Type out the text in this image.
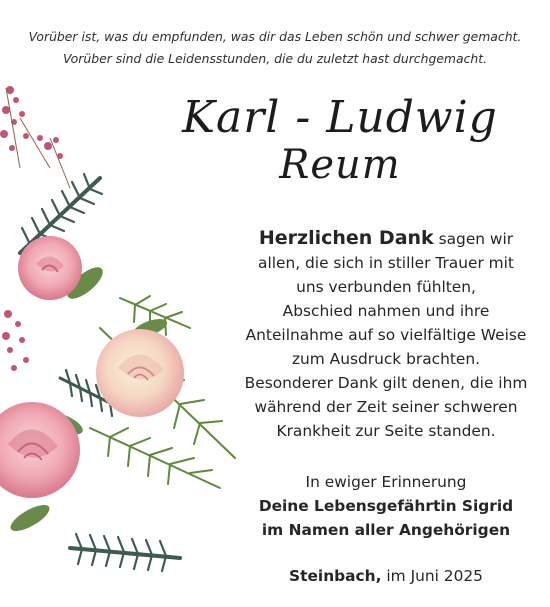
Vorüber ist, was du empfunden, was dir das Leben schön und schwer gemacht.
Vorüber sind die Leidensstunden, die du zuletzt hast durchgemacht.
Karl - Ludwig
Reum
Herzlichen Dank sagen wir
allen, die sich in stiller Trauer mit
uns verbunden fühlten,
Abschied nahmen und ihre
Anteilnahme auf so vielfältige Weise
zum Ausdruck brachten.
Besonderer Dank gilt denen, die ihm
während der Zeit seiner schweren
Krankheit zur Seite standen.
In ewiger Erinnerung
Deine Lebensgefährtin Sigrid
im Namen aller Angehörigen
Steinbach, im Juni 2025
